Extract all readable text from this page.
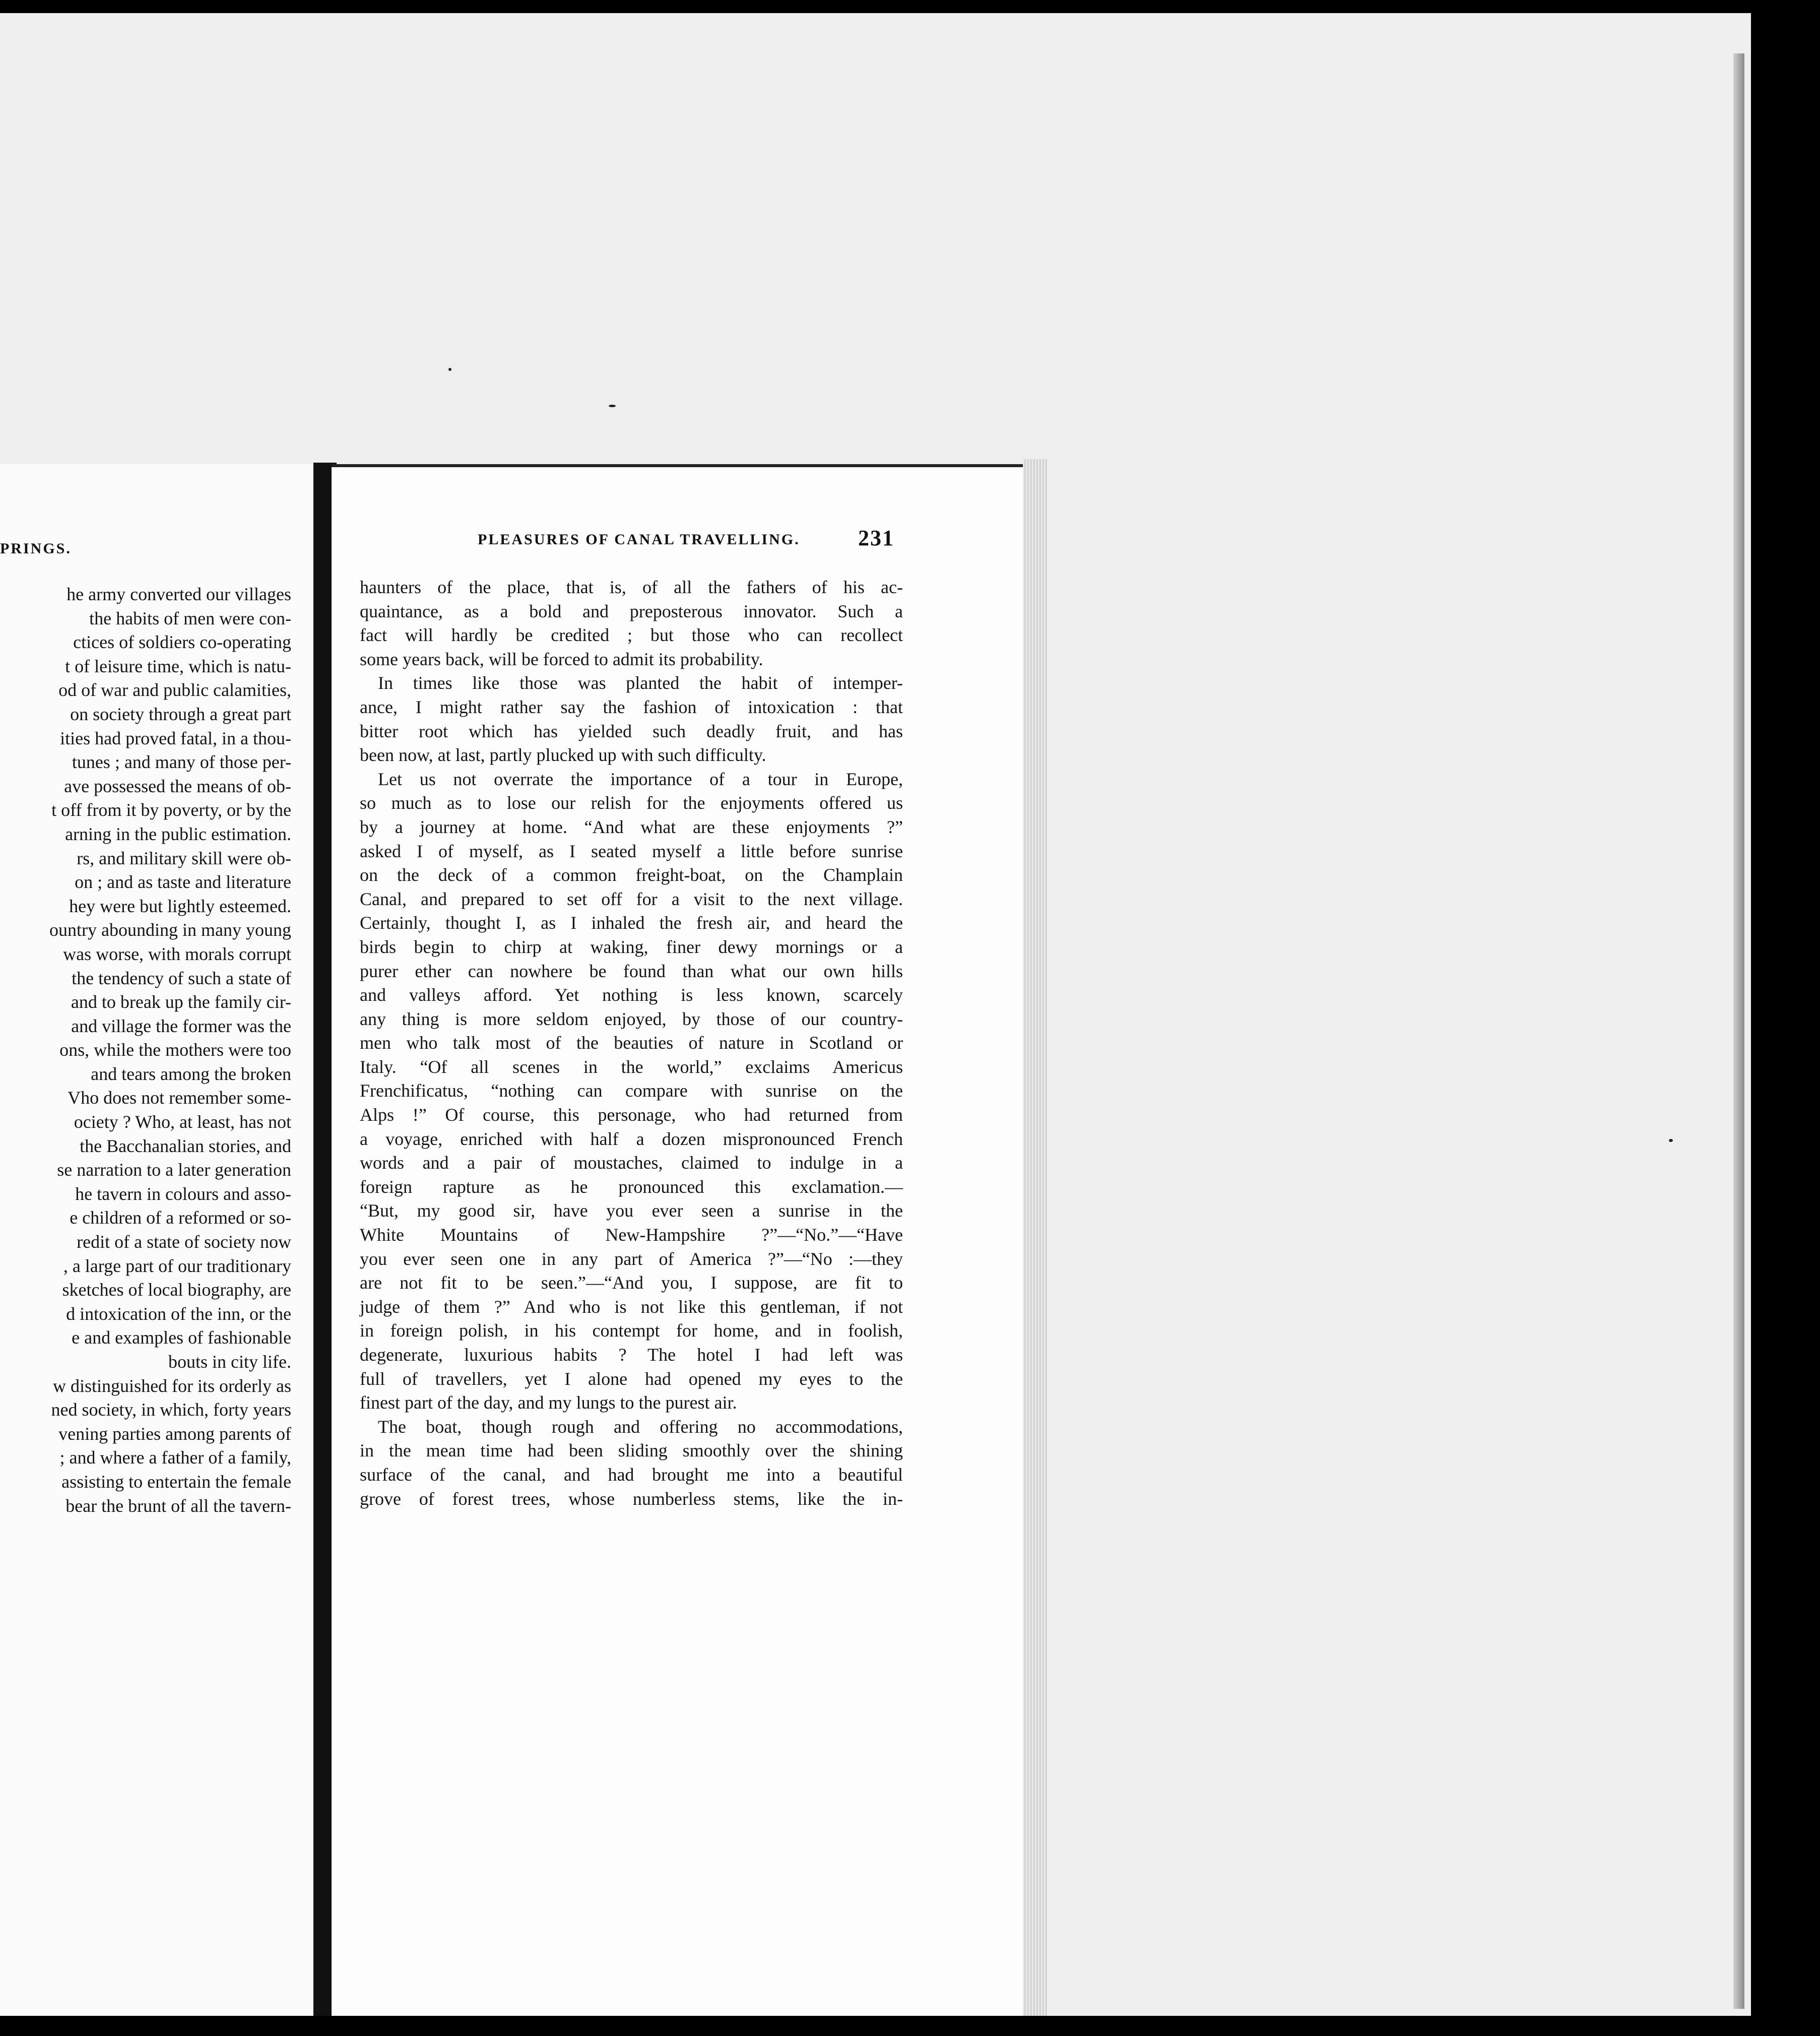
PRINGS.
he army converted our villages
the habits of men were con-
ctices of soldiers co-operating
t of leisure time, which is natu-
od of war and public calamities,
on society through a great part
ities had proved fatal, in a thou-
tunes ; and many of those per-
ave possessed the means of ob-
t off from it by poverty, or by the
arning in the public estimation.
rs, and military skill were ob-
on ; and as taste and literature
hey were but lightly esteemed.
ountry abounding in many young
was worse, with morals corrupt
the tendency of such a state of
and to break up the family cir-
and village the former was the
ons, while the mothers were too
and tears among the broken
Vho does not remember some-
ociety ? Who, at least, has not
the Bacchanalian stories, and
se narration to a later generation
he tavern in colours and asso-
e children of a reformed or so-
redit of a state of society now
, a large part of our traditionary
sketches of local biography, are
d intoxication of the inn, or the
e and examples of fashionable
bouts in city life.
w distinguished for its orderly as
ned society, in which, forty years
vening parties among parents of
; and where a father of a family,
assisting to entertain the female
bear the brunt of all the tavern-
PLEASURES OF CANAL TRAVELLING.	231
haunters of the place, that is, of all the fathers of his ac-
quaintance, as a bold and preposterous innovator. Such a
fact will hardly be credited ; but those who can recollect
some years back, will be forced to admit its probability.
In times like those was planted the habit of intemper-
ance, I might rather say the fashion of intoxication : that
bitter root which has yielded such deadly fruit, and has
been now, at last, partly plucked up with such difficulty.
Let us not overrate the importance of a tour in Europe,
so much as to lose our relish for the enjoyments offered us
by a journey at home. “And what are these enjoyments ?”
asked I of myself, as I seated myself a little before sunrise
on the deck of a common freight-boat, on the Champlain
Canal, and prepared to set off for a visit to the next village.
Certainly, thought I, as I inhaled the fresh air, and heard the
birds begin to chirp at waking, finer dewy mornings or a
purer ether can nowhere be found than what our own hills
and valleys afford. Yet nothing is less known, scarcely
any thing is more seldom enjoyed, by those of our country-
men who talk most of the beauties of nature in Scotland or
Italy. “Of all scenes in the world,” exclaims Americus
Frenchificatus, “nothing can compare with sunrise on the
Alps !” Of course, this personage, who had returned from
a voyage, enriched with half a dozen mispronounced French
words and a pair of moustaches, claimed to indulge in a
foreign rapture as he pronounced this exclamation.—
“But, my good sir, have you ever seen a sunrise in the
White Mountains of New-Hampshire ?”—“No.”—“Have
you ever seen one in any part of America ?”—“No :—they
are not fit to be seen.”—“And you, I suppose, are fit to
judge of them ?” And who is not like this gentleman, if not
in foreign polish, in his contempt for home, and in foolish,
degenerate, luxurious habits ? The hotel I had left was
full of travellers, yet I alone had opened my eyes to the
finest part of the day, and my lungs to the purest air.
The boat, though rough and offering no accommodations,
in the mean time had been sliding smoothly over the shining
surface of the canal, and had brought me into a beautiful
grove of forest trees, whose numberless stems, like the in-
